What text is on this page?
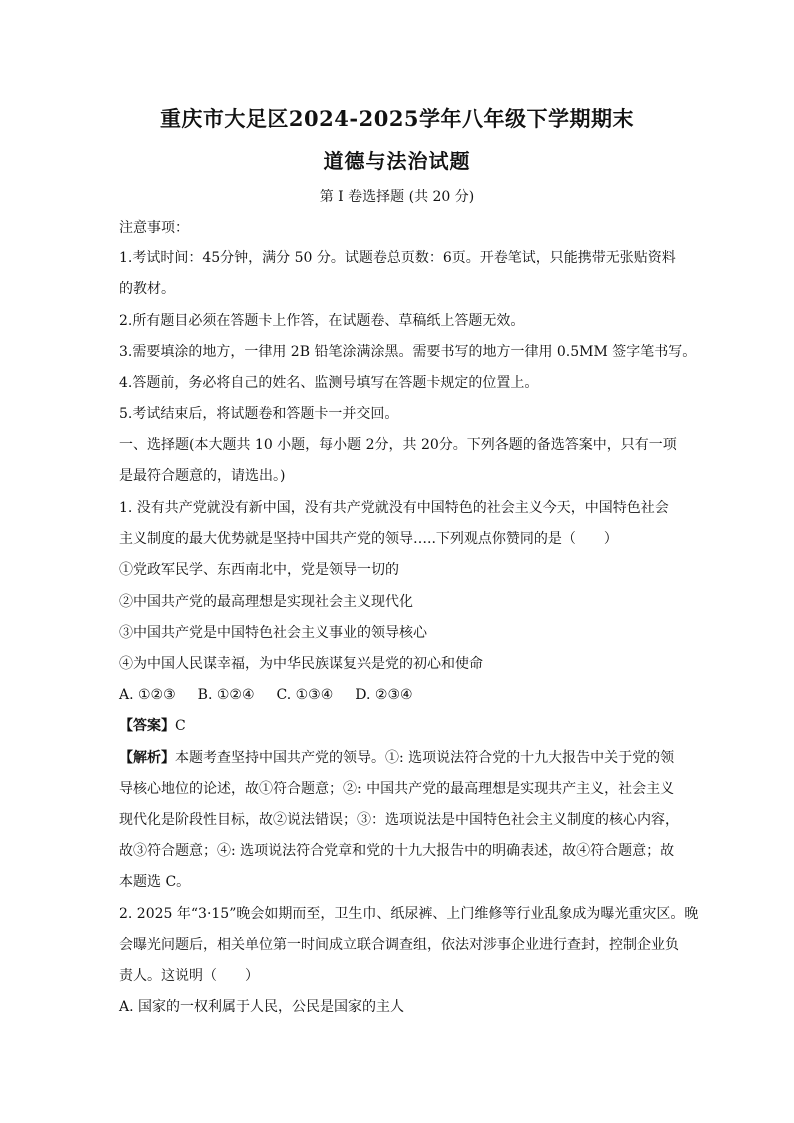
重庆市大足区2024-2025学年八年级下学期期末
道德与法治试题
第 I 卷选择题 (共 20 分)
注意事项：
1.考试时间：45分钟，满分 50 分。试题卷总页数：6页。开卷笔试，只能携带无张贴资料
的教材。
2.所有题目必须在答题卡上作答，在试题卷、草稿纸上答题无效。
3.需要填涂的地方，一律用 2B 铅笔涂满涂黑。需要书写的地方一律用 0.5MM 签字笔书写。
4.答题前，务必将自己的姓名、监测号填写在答题卡规定的位置上。
5.考试结束后，将试题卷和答题卡一并交回。
一、选择题(本大题共 10 小题，每小题 2分，共 20分。下列各题的备选答案中，只有一项
是最符合题意的，请选出。)
1. 没有共产党就没有新中国，没有共产党就没有中国特色的社会主义今天，中国特色社会
主义制度的最大优势就是坚持中国共产党的领导…..下列观点你赞同的是（　　）
①党政军民学、东西南北中，党是领导一切的
②中国共产党的最高理想是实现社会主义现代化
③中国共产党是中国特色社会主义事业的领导核心
④为中国人民谋幸福，为中华民族谋复兴是党的初心和使命
A. ①②③ B. ①②④ C. ①③④ D. ②③④
【答案】C
【解析】本题考查坚持中国共产党的领导。①: 选项说法符合党的十九大报告中关于党的领
导核心地位的论述，故①符合题意；②: 中国共产党的最高理想是实现共产主义，社会主义
现代化是阶段性目标，故②说法错误；③：选项说法是中国特色社会主义制度的核心内容，
故③符合题意；④: 选项说法符合党章和党的十九大报告中的明确表述，故④符合题意；故
本题选 C。
2. 2025 年“3·15”晚会如期而至，卫生巾、纸尿裤、上门维修等行业乱象成为曝光重灾区。晚
会曝光问题后，相关单位第一时间成立联合调查组，依法对涉事企业进行查封，控制企业负
责人。这说明（　　）
A. 国家的一权利属于人民，公民是国家的主人
